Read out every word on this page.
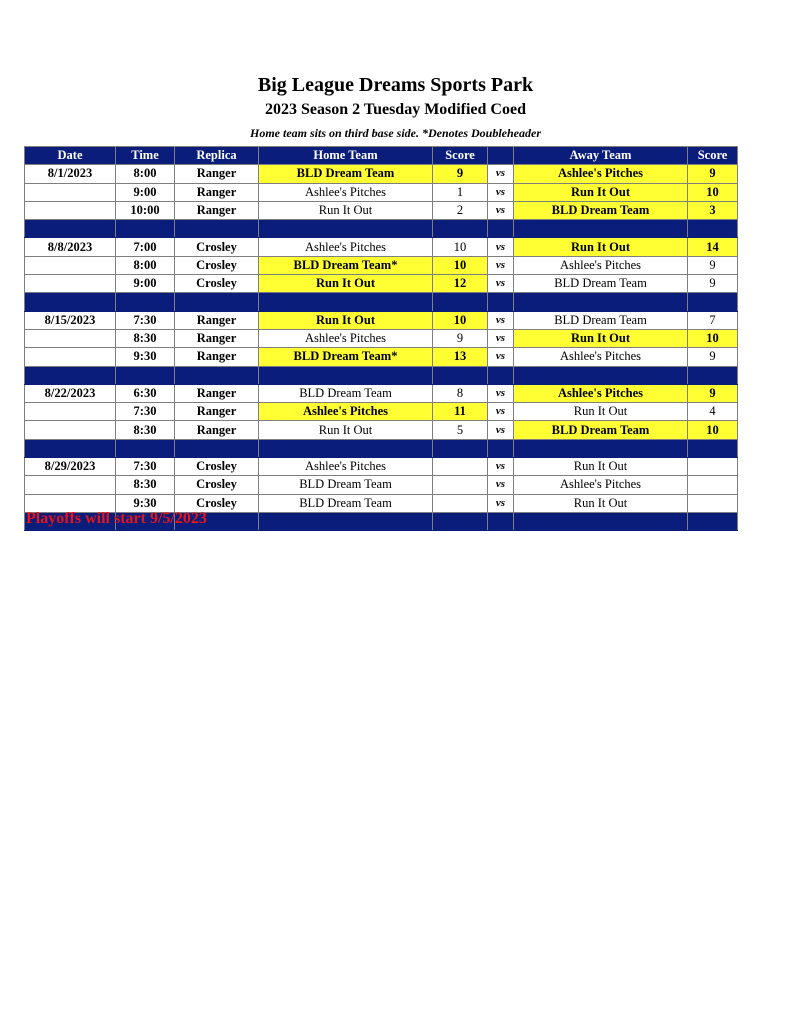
Big League Dreams Sports Park
2023 Season 2 Tuesday Modified Coed
Home team sits on third base side. *Denotes Doubleheader
Date	Time	Replica	Home Team	Score		Away Team	Score
8/1/2023	8:00	Ranger	BLD Dream Team	9	vs	Ashlee's Pitches	9
	9:00	Ranger	Ashlee's Pitches	1	vs	Run It Out	10
	10:00	Ranger	Run It Out	2	vs	BLD Dream Team	3

8/8/2023	7:00	Crosley	Ashlee's Pitches	10	vs	Run It Out	14
	8:00	Crosley	BLD Dream Team*	10	vs	Ashlee's Pitches	9
	9:00	Crosley	Run It Out	12	vs	BLD Dream Team	9

8/15/2023	7:30	Ranger	Run It Out	10	vs	BLD Dream Team	7
	8:30	Ranger	Ashlee's Pitches	9	vs	Run It Out	10
	9:30	Ranger	BLD Dream Team*	13	vs	Ashlee's Pitches	9

8/22/2023	6:30	Ranger	BLD Dream Team	8	vs	Ashlee's Pitches	9
	7:30	Ranger	Ashlee's Pitches	11	vs	Run It Out	4
	8:30	Ranger	Run It Out	5	vs	BLD Dream Team	10

8/29/2023	7:30	Crosley	Ashlee's Pitches		vs	Run It Out	
	8:30	Crosley	BLD Dream Team		vs	Ashlee's Pitches	
	9:30	Crosley	BLD Dream Team		vs	Run It Out	

Playoffs will start 9/5/2023
